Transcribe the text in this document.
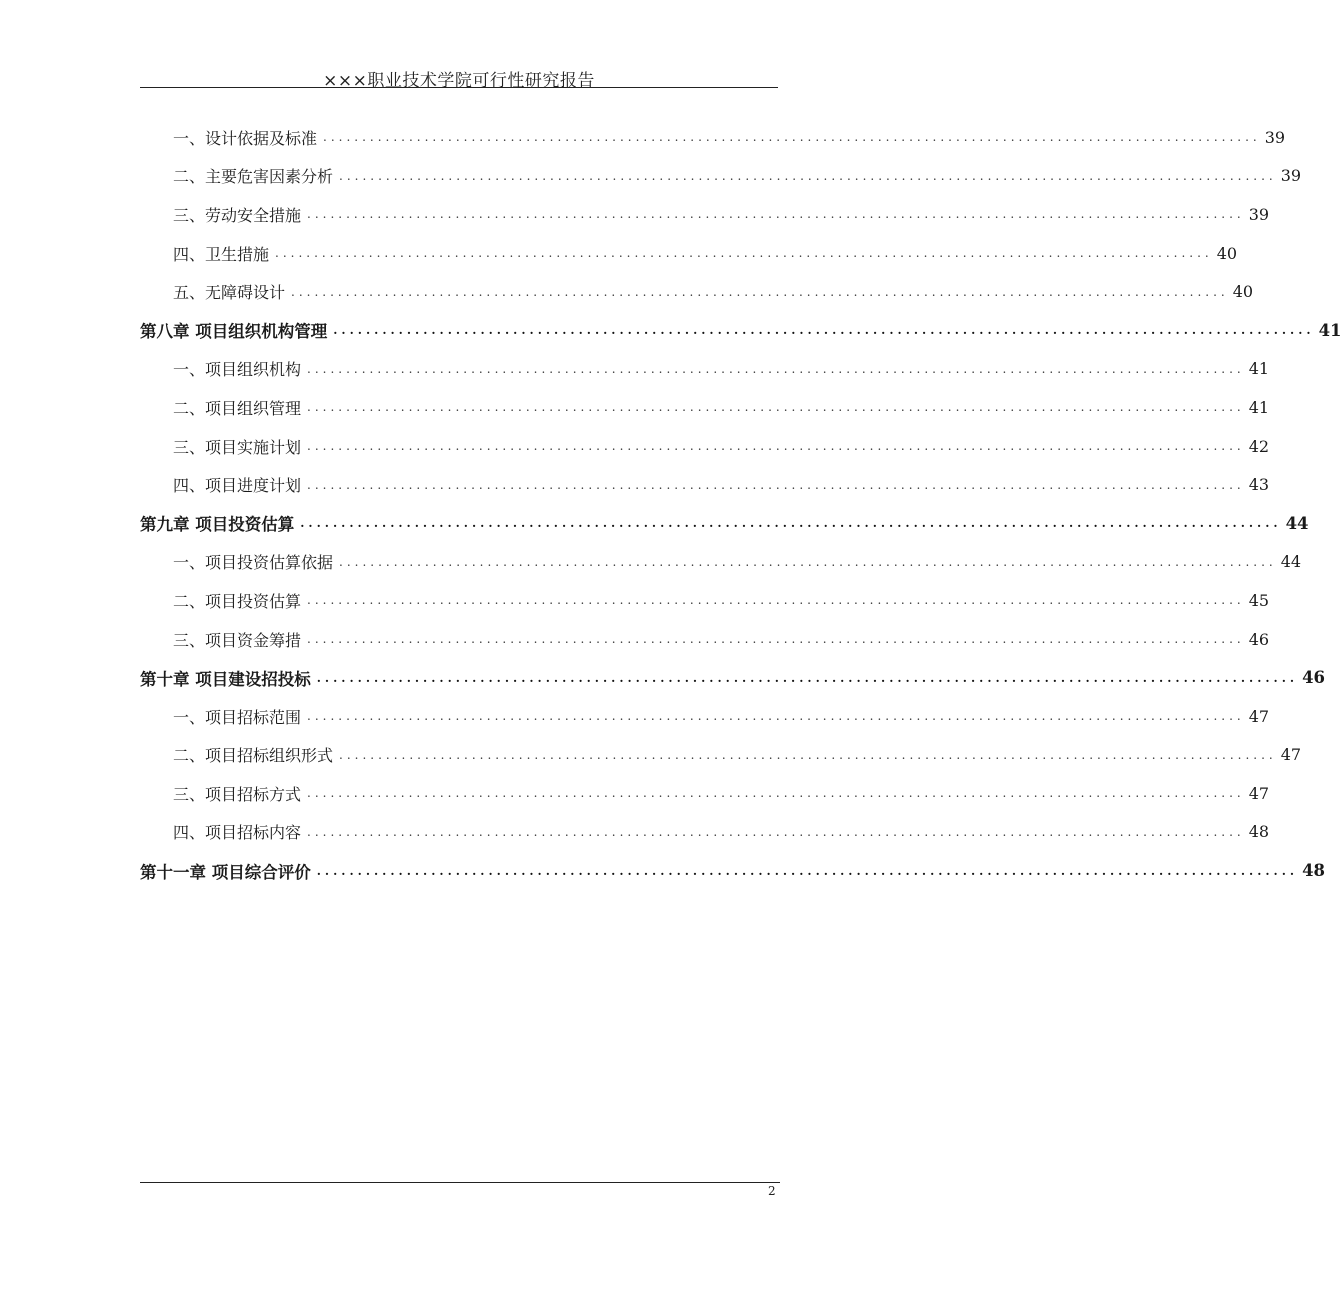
×××职业技术学院可行性研究报告
一、设计依据及标准 ........................................................................................................................ 39
二、主要危害因素分析 ........................................................................................................................ 39
三、劳动安全措施 ........................................................................................................................ 39
四、卫生措施 ........................................................................................................................ 40
五、无障碍设计 ........................................................................................................................ 40
第八章 项目组织机构管理 ........................................................................................................................ 41
一、项目组织机构 ........................................................................................................................ 41
二、项目组织管理 ........................................................................................................................ 41
三、项目实施计划 ........................................................................................................................ 42
四、项目进度计划 ........................................................................................................................ 43
第九章 项目投资估算 ........................................................................................................................ 44
一、项目投资估算依据 ........................................................................................................................ 44
二、项目投资估算 ........................................................................................................................ 45
三、项目资金筹措 ........................................................................................................................ 46
第十章 项目建设招投标 ........................................................................................................................ 46
一、项目招标范围 ........................................................................................................................ 47
二、项目招标组织形式 ........................................................................................................................ 47
三、项目招标方式 ........................................................................................................................ 47
四、项目招标内容 ........................................................................................................................ 48
第十一章 项目综合评价 ........................................................................................................................ 48
2
